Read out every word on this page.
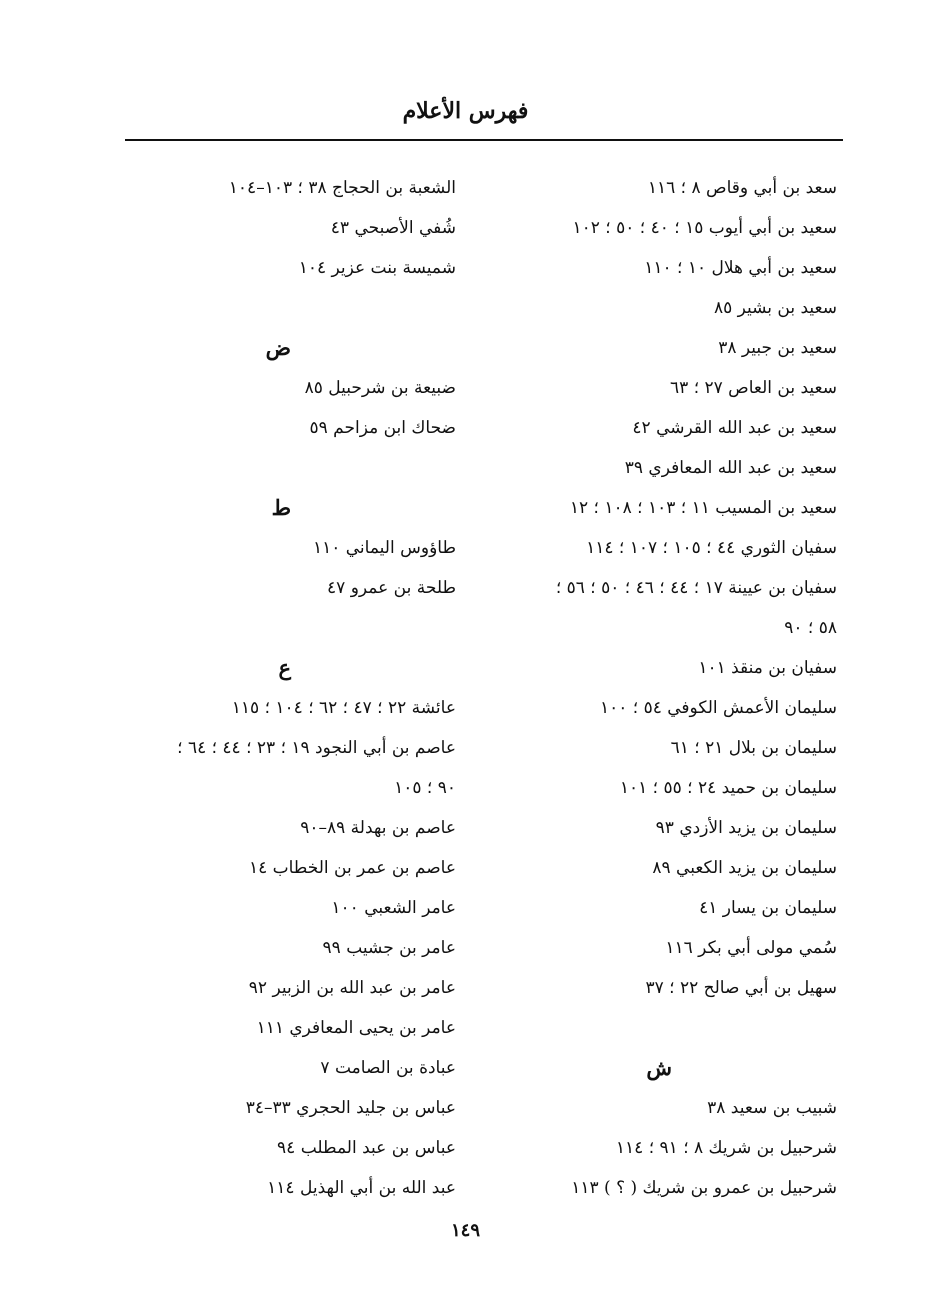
فهرس الأعلام
سعد بن أبي وقاص ٨ ؛ ١١٦
سعيد بن أبي أيوب ١٥ ؛ ٤٠ ؛ ٥٠ ؛ ١٠٢
سعيد بن أبي هلال ١٠ ؛ ١١٠
سعيد بن بشير ٨٥
سعيد بن جبير ٣٨
سعيد بن العاص ٢٧ ؛ ٦٣
سعيد بن عبد الله القرشي ٤٢
سعيد بن عبد الله المعافري ٣٩
سعيد بن المسيب ١١ ؛ ١٠٣ ؛ ١٠٨ ؛ ١٢
سفيان الثوري ٤٤ ؛ ١٠٥ ؛ ١٠٧ ؛ ١١٤
سفيان بن عيينة ١٧ ؛ ٤٤ ؛ ٤٦ ؛ ٥٠ ؛ ٥٦ ؛
٥٨ ؛ ٩٠
سفيان بن منقذ ١٠١
سليمان الأعمش الكوفي ٥٤ ؛ ١٠٠
سليمان بن بلال ٢١ ؛ ٦١
سليمان بن حميد ٢٤ ؛ ٥٥ ؛ ١٠١
سليمان بن يزيد الأزدي ٩٣
سليمان بن يزيد الكعبي ٨٩
سليمان بن يسار ٤١
سُمي مولى أبي بكر ١١٦
سهيل بن أبي صالح ٢٢ ؛ ٣٧
ش
شبيب بن سعيد ٣٨
شرحبيل بن شريك ٨ ؛ ٩١ ؛ ١١٤
شرحبيل بن عمرو بن شريك ( ؟ ) ١١٣
الشعبة بن الحجاج ٣٨ ؛ ١٠٣–١٠٤
شُفي الأصبحي ٤٣
شميسة بنت عزير ١٠٤
ض
ضبيعة بن شرحبيل ٨٥
ضحاك ابن مزاحم ٥٩
ط
طاؤوس اليماني ١١٠
طلحة بن عمرو ٤٧
ع
عائشة ٢٢ ؛ ٤٧ ؛ ٦٢ ؛ ١٠٤ ؛ ١١٥
عاصم بن أبي النجود ١٩ ؛ ٢٣ ؛ ٤٤ ؛ ٦٤ ؛
٩٠ ؛ ١٠٥
عاصم بن بهدلة ٨٩–٩٠
عاصم بن عمر بن الخطاب ١٤
عامر الشعبي ١٠٠
عامر بن جشيب ٩٩
عامر بن عبد الله بن الزبير ٩٢
عامر بن يحيى المعافري ١١١
عبادة بن الصامت ٧
عباس بن جليد الحجري ٣٣–٣٤
عباس بن عبد المطلب ٩٤
عبد الله بن أبي الهذيل ١١٤
١٤٩
